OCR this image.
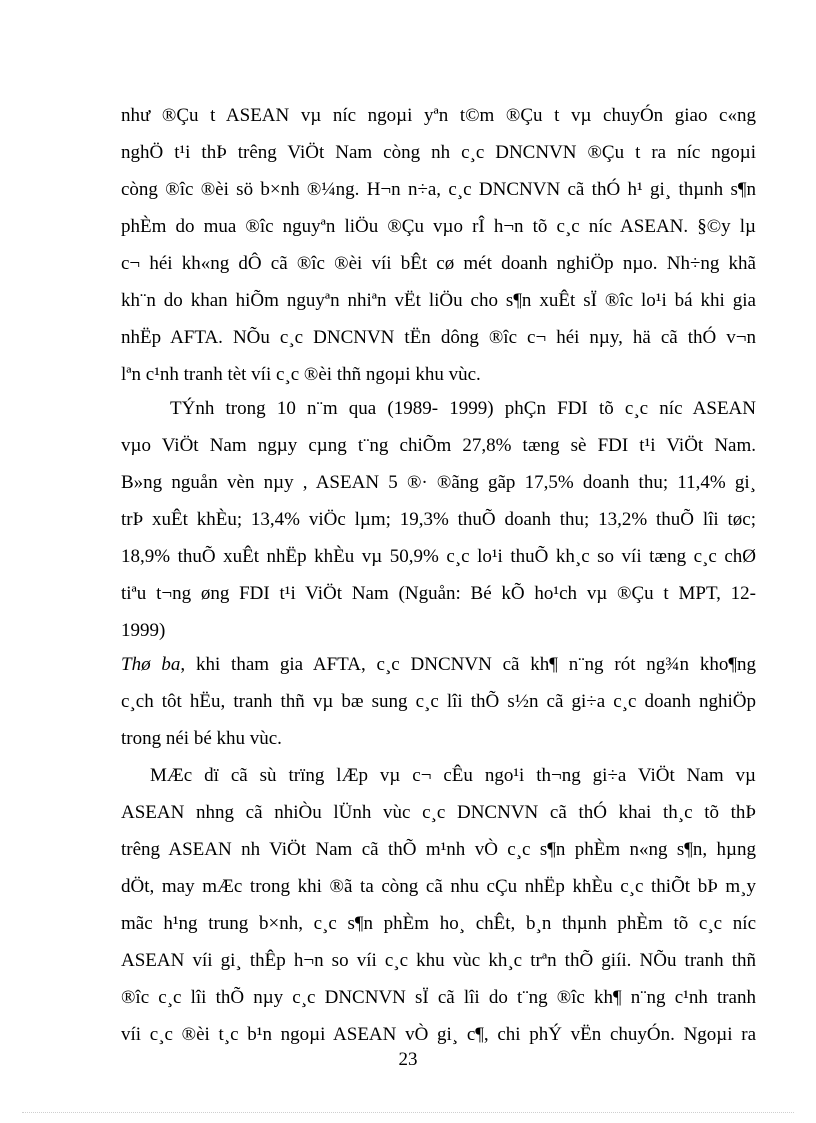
như ®Çu t ASEAN vµ níc ngoµi yªn t©m ®Çu t vµ chuyÓn giao c«ng
nghÖ t¹i thÞ trêng ViÖt Nam còng nh c¸c DNCNVN ®Çu t ra níc ngoµi
còng ®îc ®èi sö b×nh ®¼ng. H¬n n÷a, c¸c DNCNVN cã thÓ h¹ gi¸ thµnh s¶n
phÈm do mua ®îc nguyªn liÖu ®Çu vµo rÎ h¬n tõ c¸c níc ASEAN. §©y lµ
c¬ héi kh«ng dÔ cã ®îc ®èi víi bÊt cø mét doanh nghiÖp nµo. Nh÷ng khã
kh¨n do khan hiÕm nguyªn nhiªn vËt liÖu cho s¶n xuÊt sÏ ®îc lo¹i bá khi gia
nhËp AFTA. NÕu c¸c DNCNVN tËn dông ®îc c¬ héi nµy, hä cã thÓ v¬n
lªn c¹nh tranh tèt víi c¸c ®èi thñ ngoµi khu vùc.
TÝnh trong 10 n¨m qua (1989- 1999) phÇn FDI tõ c¸c níc ASEAN
vµo ViÖt Nam ngµy cµng t¨ng chiÕm 27,8% tæng sè FDI t¹i ViÖt Nam.
B»ng nguån vèn nµy , ASEAN 5 ®· ®ãng gãp 17,5% doanh thu; 11,4% gi¸
trÞ xuÊt khÈu; 13,4% viÖc lµm; 19,3% thuÕ doanh thu; 13,2% thuÕ lîi tøc;
18,9% thuÕ xuÊt nhËp khÈu vµ 50,9% c¸c lo¹i thuÕ kh¸c so víi tæng c¸c chØ
tiªu t¬ng øng FDI t¹i ViÖt Nam (Nguån: Bé kÕ ho¹ch vµ ®Çu t MPT, 12-
1999)
Thø ba, khi tham gia AFTA, c¸c DNCNVN cã kh¶ n¨ng rót ng¾n kho¶ng
c¸ch tôt hËu, tranh thñ vµ bæ sung c¸c lîi thÕ s½n cã gi÷a c¸c doanh nghiÖp
trong néi bé khu vùc.
MÆc dï cã sù trïng lÆp vµ c¬ cÊu ngo¹i th¬ng gi÷a ViÖt Nam vµ
ASEAN nhng cã nhiÒu lÜnh vùc c¸c DNCNVN cã thÓ khai th¸c tõ thÞ
trêng ASEAN nh ViÖt Nam cã thÕ m¹nh vÒ c¸c s¶n phÈm n«ng s¶n, hµng
dÖt, may mÆc trong khi ®ã ta còng cã nhu cÇu nhËp khÈu c¸c thiÕt bÞ m¸y
mãc h¹ng trung b×nh, c¸c s¶n phÈm ho¸ chÊt, b¸n thµnh phÈm tõ c¸c níc
ASEAN víi gi¸ thÊp h¬n so víi c¸c khu vùc kh¸c trªn thÕ giíi. NÕu tranh thñ
®îc c¸c lîi thÕ nµy c¸c DNCNVN sÏ cã lîi do t¨ng ®îc kh¶ n¨ng c¹nh tranh
víi c¸c ®èi t¸c b¹n ngoµi ASEAN vÒ gi¸ c¶, chi phÝ vËn chuyÓn. Ngoµi ra
23
